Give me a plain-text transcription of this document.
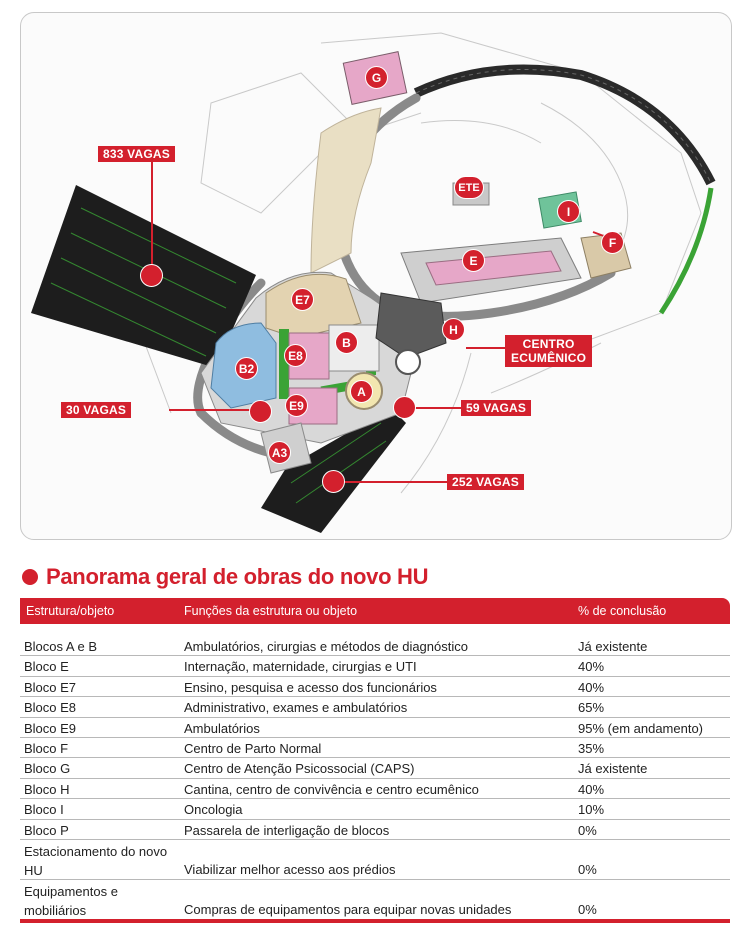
G
ETE
I
F
E
E7
B
H
E8
B2
A
E9
A3
833 VAGAS
30 VAGAS	59 VAGAS
252 VAGAS
CENTRO
ECUMÊNICO
Panorama geral de obras do novo HU
Estrutura/objeto	Funções da estrutura ou objeto	% de conclusão
Blocos A e B	Ambulatórios, cirurgias e métodos de diagnóstico	Já existente
Bloco E	Internação, maternidade, cirurgias e UTI	40%
Bloco E7	Ensino, pesquisa e acesso dos funcionários	40%
Bloco E8	Administrativo, exames e ambulatórios	65%
Bloco E9	Ambulatórios	95% (em andamento)
Bloco F	Centro de Parto Normal	35%
Bloco G	Centro de Atenção Psicossocial (CAPS)	Já existente
Bloco H	Cantina, centro de convivência e centro ecumênico	40%
Bloco I	Oncologia	10%
Bloco P	Passarela de interligação de blocos	0%
Estacionamento do novo HU	Viabilizar melhor acesso aos prédios	0%
Equipamentos e mobiliários	Compras de equipamentos para equipar novas unidades	0%
